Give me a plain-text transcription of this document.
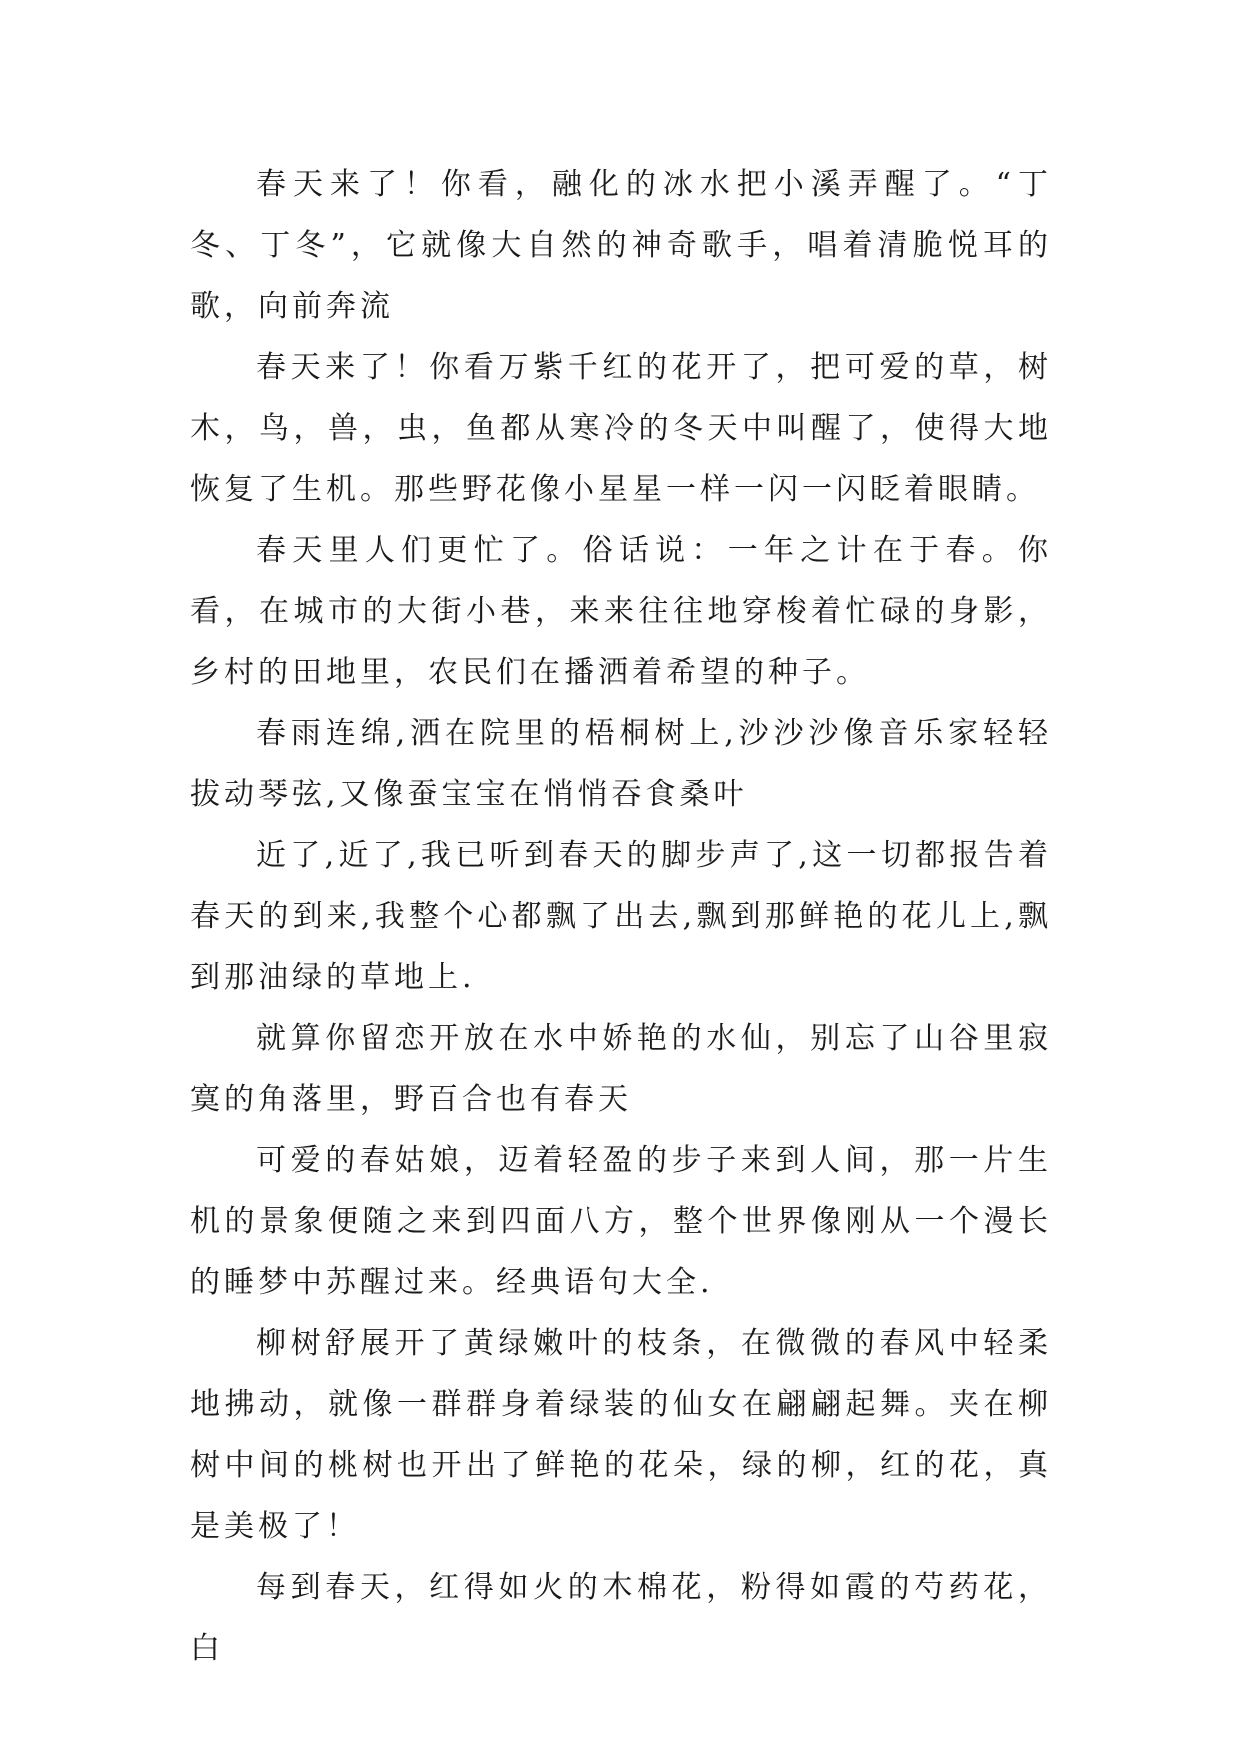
春天来了！你看，融化的冰水把小溪弄醒了。“丁冬、丁冬”，它就像大自然的神奇歌手，唱着清脆悦耳的歌，向前奔流

春天来了！你看万紫千红的花开了，把可爱的草，树木，鸟，兽，虫，鱼都从寒冷的冬天中叫醒了，使得大地恢复了生机。那些野花像小星星一样一闪一闪眨着眼睛。

春天里人们更忙了。俗话说：一年之计在于春。你看，在城市的大街小巷，来来往往地穿梭着忙碌的身影，乡村的田地里，农民们在播洒着希望的种子。

春雨连绵,洒在院里的梧桐树上,沙沙沙像音乐家轻轻拔动琴弦,又像蚕宝宝在悄悄吞食桑叶

近了,近了,我已听到春天的脚步声了,这一切都报告着春天的到来,我整个心都飘了出去,飘到那鲜艳的花儿上,飘到那油绿的草地上.

就算你留恋开放在水中娇艳的水仙，别忘了山谷里寂寞的角落里，野百合也有春天

可爱的春姑娘，迈着轻盈的步子来到人间，那一片生机的景象便随之来到四面八方，整个世界像刚从一个漫长的睡梦中苏醒过来。经典语句大全.

柳树舒展开了黄绿嫩叶的枝条，在微微的春风中轻柔地拂动，就像一群群身着绿装的仙女在翩翩起舞。夹在柳树中间的桃树也开出了鲜艳的花朵，绿的柳，红的花，真是美极了！

每到春天，红得如火的木棉花，粉得如霞的芍药花，白
